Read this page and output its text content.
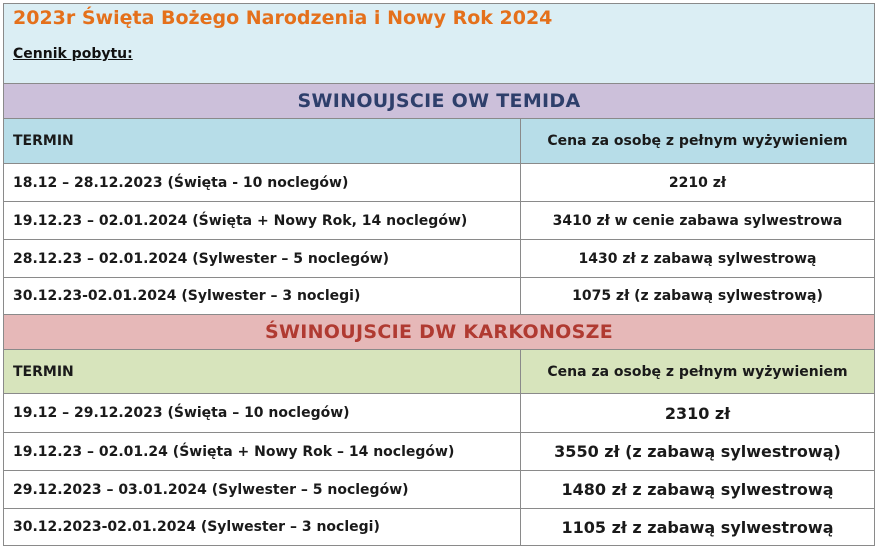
2023r Święta Bożego Narodzenia i Nowy Rok 2024
Cennik pobytu:
SWINOUJSCIE OW TEMIDA
TERMIN	Cena za osobę z pełnym wyżywieniem
18.12 – 28.12.2023 (Święta - 10 noclegów)	2210 zł
19.12.23 – 02.01.2024 (Święta + Nowy Rok, 14 noclegów)	3410 zł w cenie zabawa sylwestrowa
28.12.23 – 02.01.2024 (Sylwester – 5 noclegów)	1430 zł z zabawą sylwestrową
30.12.23-02.01.2024 (Sylwester – 3 noclegi)	1075 zł (z zabawą sylwestrową)
ŚWINOUJSCIE DW KARKONOSZE
TERMIN	Cena za osobę z pełnym wyżywieniem
19.12 – 29.12.2023 (Święta – 10 noclegów)	2310 zł
19.12.23 – 02.01.24 (Święta + Nowy Rok – 14 noclegów)	3550 zł (z zabawą sylwestrową)
29.12.2023 – 03.01.2024 (Sylwester – 5 noclegów)	1480 zł z zabawą sylwestrową
30.12.2023-02.01.2024 (Sylwester – 3 noclegi)	1105 zł z zabawą sylwestrową
